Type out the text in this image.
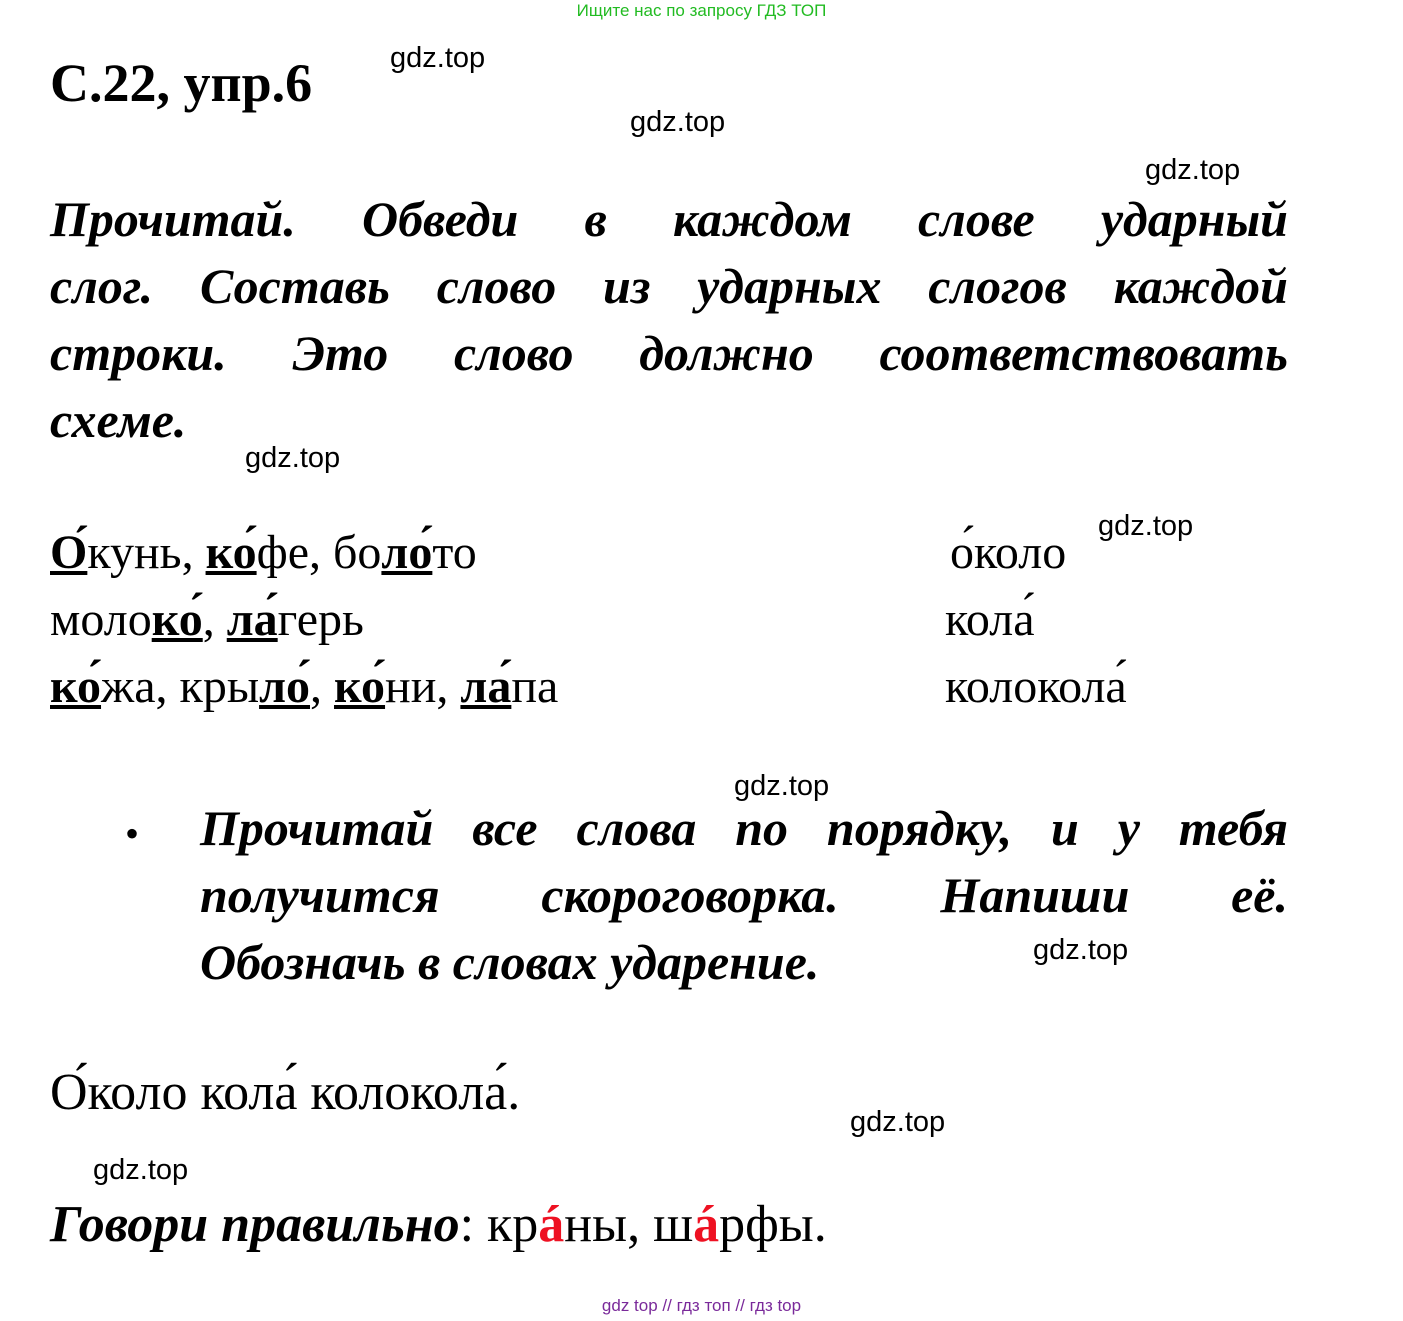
Ищите нас по запросу ГДЗ ТОП
С.22, упр.6	gdz.top
gdz.top
gdz.top
gdz.top
gdz.top
gdz.top
gdz.top
gdz.top
gdz.top
Прочитай. Обведи в каждом слове ударный
слог. Составь слово из ударных слогов каждой
строки. Это слово должно соответствовать
схеме.
О́кунь, ко́фе, боло́то
молоко́, ла́герь
ко́жа, крыло́, ко́ни, ла́па
о́коло
кола́
колокола́
• Прочитай все слова по порядку, и у тебя
получится скороговорка. Напиши её.
Обозначь в словах ударение.
О́коло кола́ колокола́.
Говори правильно: крáны, шáрфы.
gdz top // гдз топ // гдз top
